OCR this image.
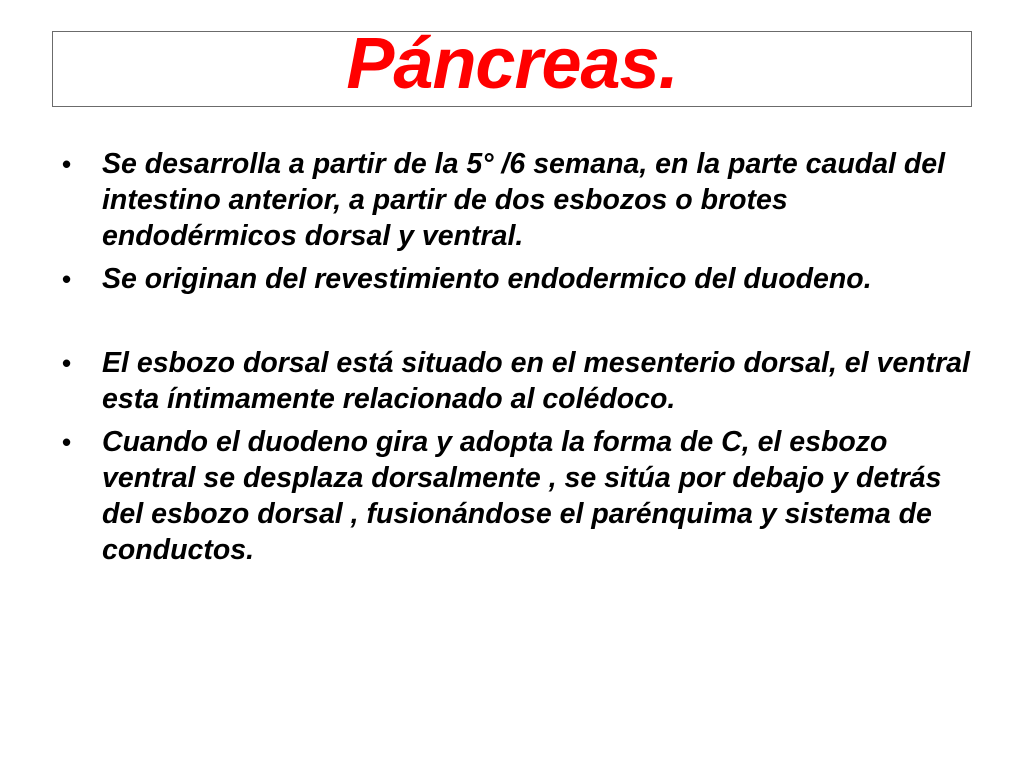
Páncreas.
• Se desarrolla a partir de la 5° /6 semana, en la parte caudal del intestino anterior, a partir de dos esbozos o brotes endodérmicos dorsal y ventral.
• Se originan del revestimiento endodermico del duodeno.
• El esbozo dorsal está situado en el mesenterio dorsal, el ventral esta íntimamente relacionado al colédoco.
• Cuando el duodeno gira y adopta la forma de C, el esbozo ventral se desplaza dorsalmente , se sitúa por debajo y detrás del esbozo dorsal , fusionándose el parénquima y sistema de conductos.
